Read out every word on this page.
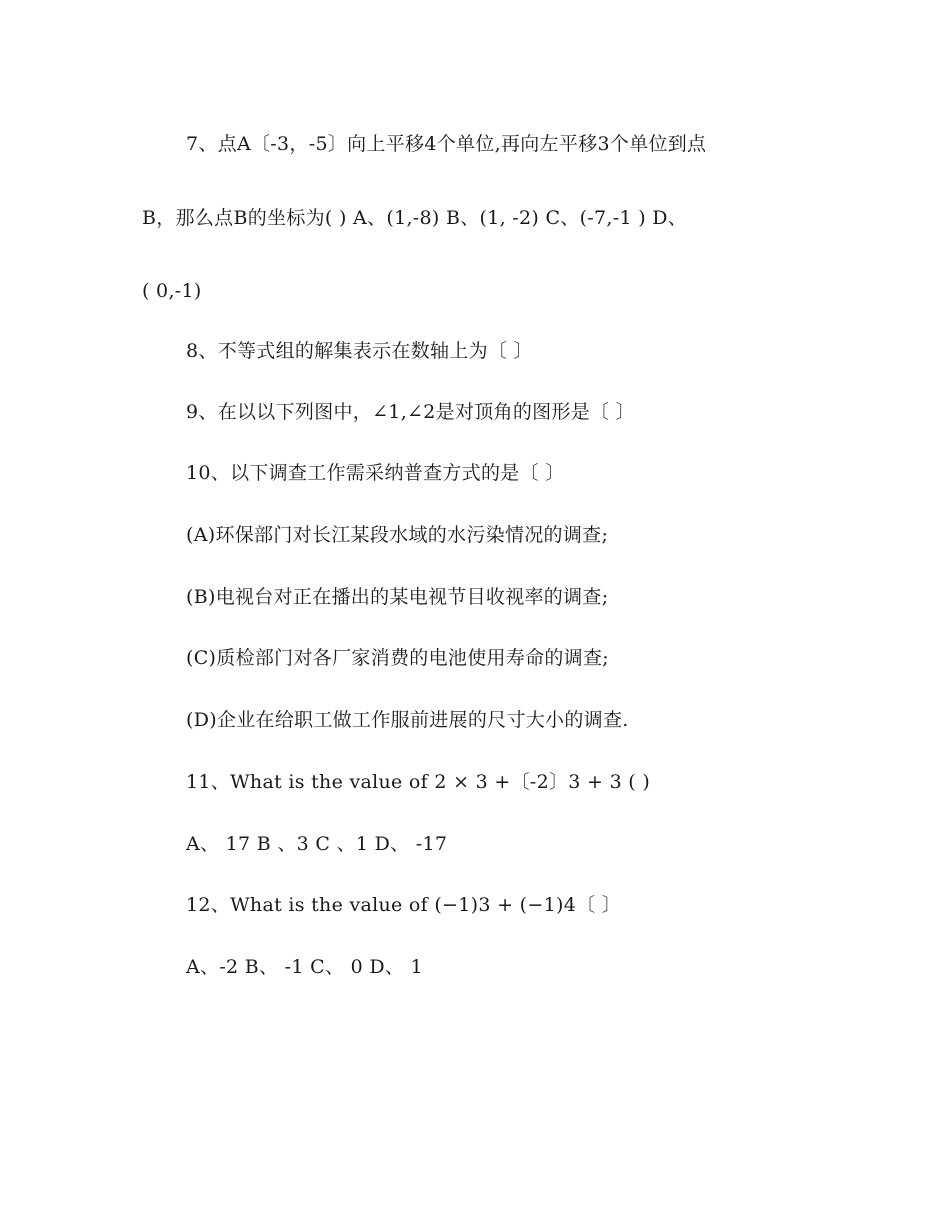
7、点A〔-3，-5〕向上平移4个单位,再向左平移3个单位到点
B，那么点B的坐标为( ) A、(1,-8) B、(1, -2) C、(-7,-1 ) D、
( 0,-1)
8、不等式组的解集表示在数轴上为〔 〕
9、在以以下列图中，∠1,∠2是对顶角的图形是〔 〕
10、以下调查工作需采纳普查方式的是〔 〕
(A)环保部门对长江某段水域的水污染情况的调查;
(B)电视台对正在播出的某电视节目收视率的调查;
(C)质检部门对各厂家消费的电池使用寿命的调查;
(D)企业在给职工做工作服前进展的尺寸大小的调查.
11、What is the value of 2 × 3 +〔-2〕3 + 3 ( )
A、 17 B 、3 C 、1 D、 -17
12、What is the value of (−1)3 + (−1)4〔 〕
A、-2 B、 -1 C、 0 D、 1
